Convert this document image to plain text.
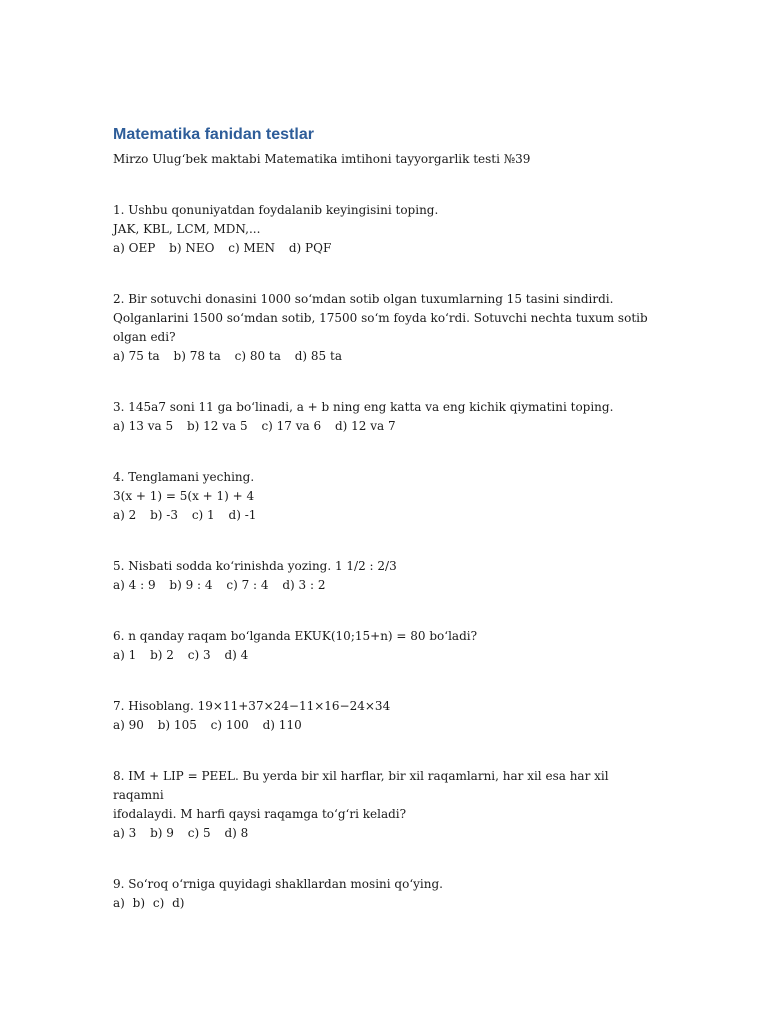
Matematika fanidan testlar

Mirzo Ulug‘bek maktabi Matematika imtihoni tayyorgarlik testi №39

1. Ushbu qonuniyatdan foydalanib keyingisini toping.

JAK, KBL, LCM, MDN,...

a) OEP b) NEO c) MEN d) PQF

2. Bir sotuvchi donasini 1000 so‘mdan sotib olgan tuxumlarning 15 tasini sindirdi.

Qolganlarini 1500 so‘mdan sotib, 17500 so‘m foyda ko‘rdi. Sotuvchi nechta tuxum sotib

olgan edi?

a) 75 ta b) 78 ta c) 80 ta d) 85 ta

3. 145a7 soni 11 ga bo‘linadi, a + b ning eng katta va eng kichik qiymatini toping.

a) 13 va 5 b) 12 va 5 c) 17 va 6 d) 12 va 7

4. Tenglamani yeching.

3(x + 1) = 5(x + 1) + 4

a) 2 b) -3 c) 1 d) -1

5. Nisbati sodda ko‘rinishda yozing. 1 1/2 : 2/3

a) 4 : 9 b) 9 : 4 c) 7 : 4 d) 3 : 2

6. n qanday raqam bo‘lganda EKUK(10;15+n) = 80 bo‘ladi?

a) 1 b) 2 c) 3 d) 4

7. Hisoblang. 19×11+37×24−11×16−24×34

a) 90 b) 105 c) 100 d) 110

8. IM + LIP = PEEL. Bu yerda bir xil harflar, bir xil raqamlarni, har xil esa har xil raqamni

ifodalaydi. M harfi qaysi raqamga to‘g‘ri keladi?

a) 3 b) 9 c) 5 d) 8

9. So‘roq o‘rniga quyidagi shakllardan mosini qo‘ying.

a) b) c) d)
